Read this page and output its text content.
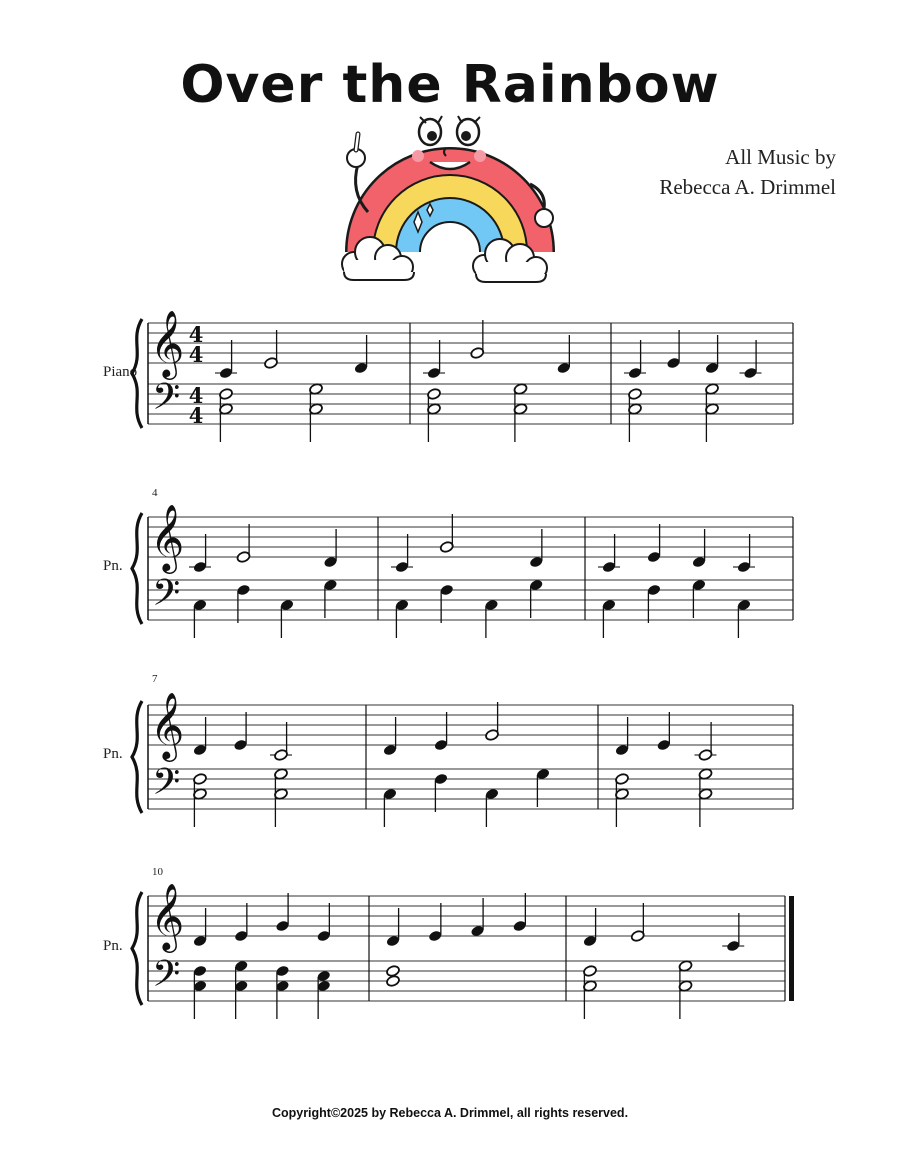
Over the Rainbow
All Music by
Rebecca A. Drimmel
Piano
Pn.
Pn.
Pn.
4
7
10
𝄞
𝄢
4
4
4
4
𝄞
𝄢
𝄞
𝄢
𝄞
𝄢
Copyright©2025 by Rebecca A. Drimmel, all rights reserved.
